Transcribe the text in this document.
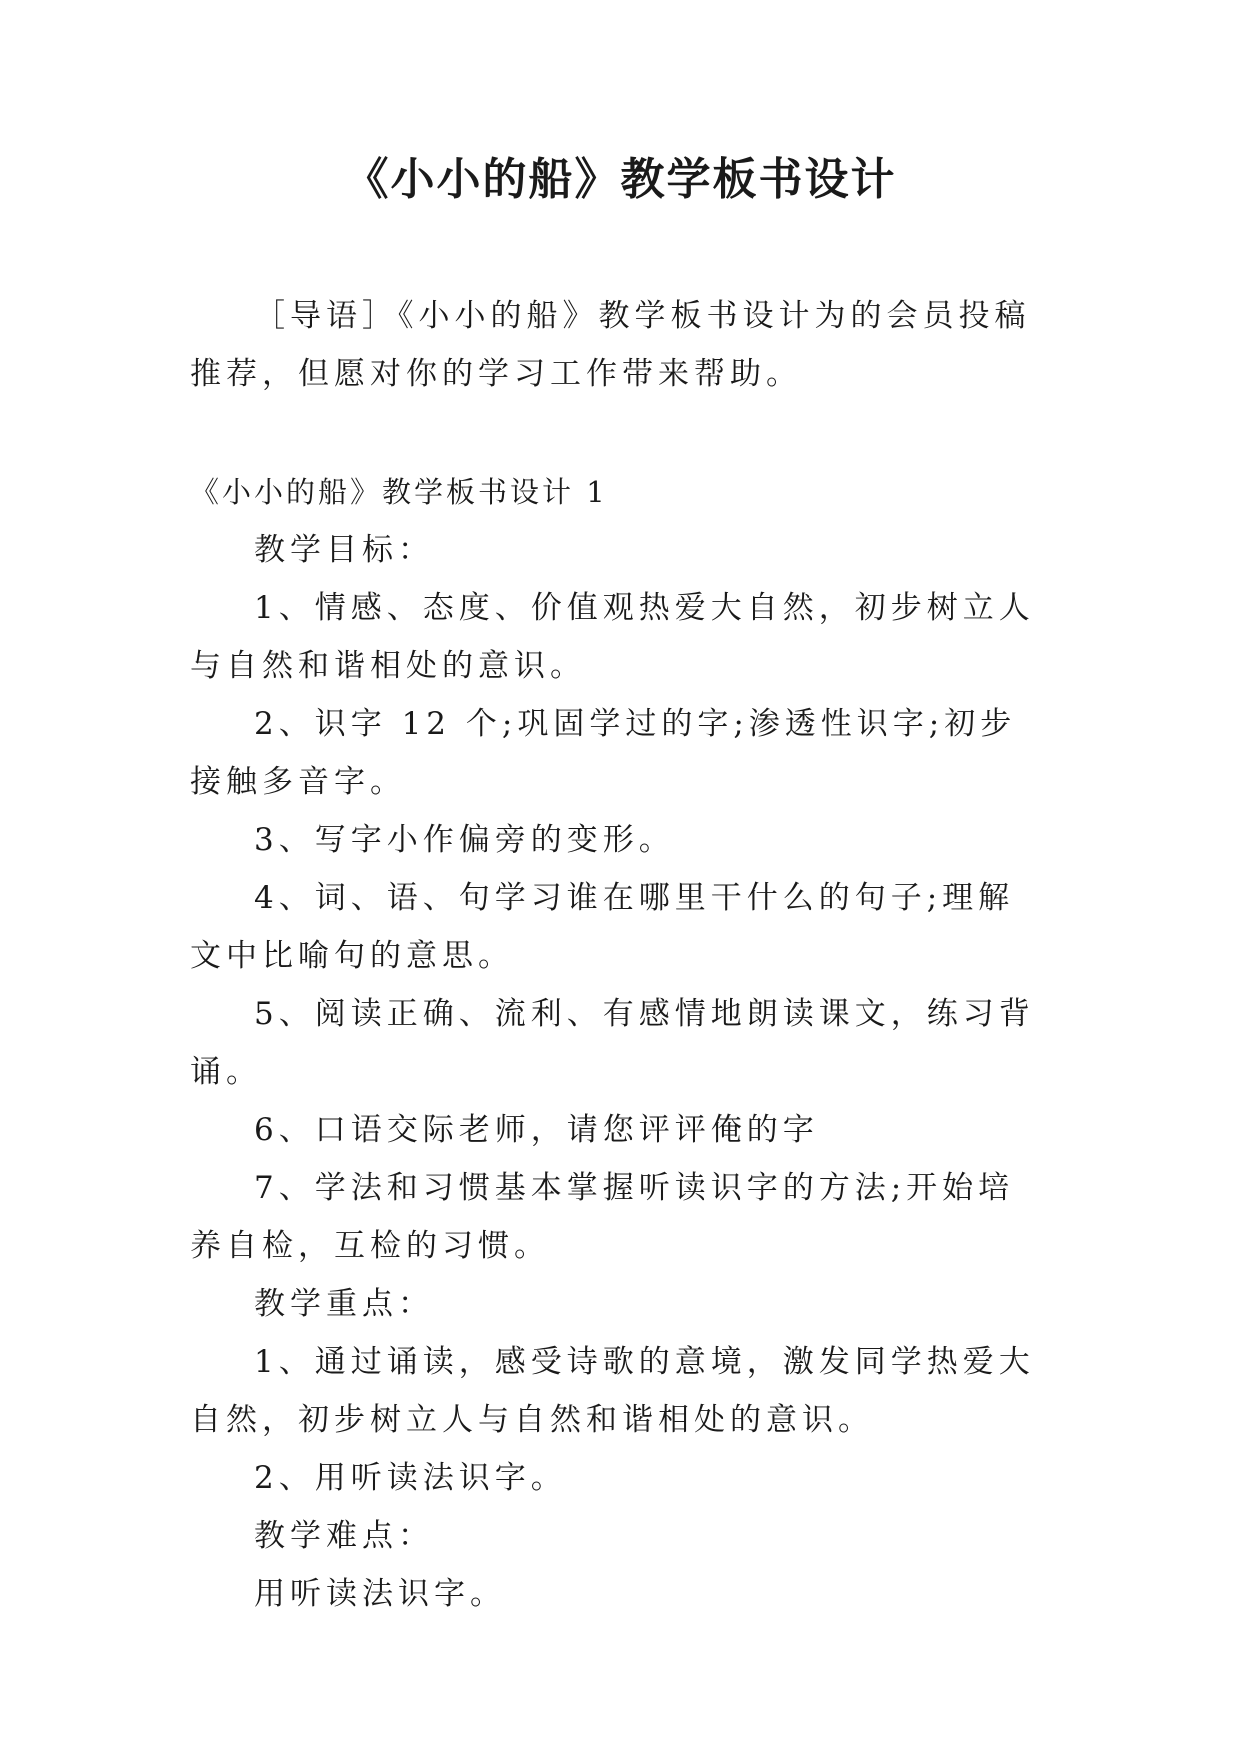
《小小的船》教学板书设计

［导语］《小小的船》教学板书设计为的会员投稿推荐，但愿对你的学习工作带来帮助。

《小小的船》教学板书设计 1

教学目标：

1、情感、态度、价值观热爱大自然，初步树立人与自然和谐相处的意识。

2、识字 12 个;巩固学过的字;渗透性识字;初步接触多音字。

3、写字小作偏旁的变形。

4、词、语、句学习谁在哪里干什么的句子;理解文中比喻句的意思。

5、阅读正确、流利、有感情地朗读课文，练习背诵。

6、口语交际老师，请您评评俺的字

7、学法和习惯基本掌握听读识字的方法;开始培养自检，互检的习惯。

教学重点：

1、通过诵读，感受诗歌的意境，激发同学热爱大自然，初步树立人与自然和谐相处的意识。

2、用听读法识字。

教学难点：

用听读法识字。
